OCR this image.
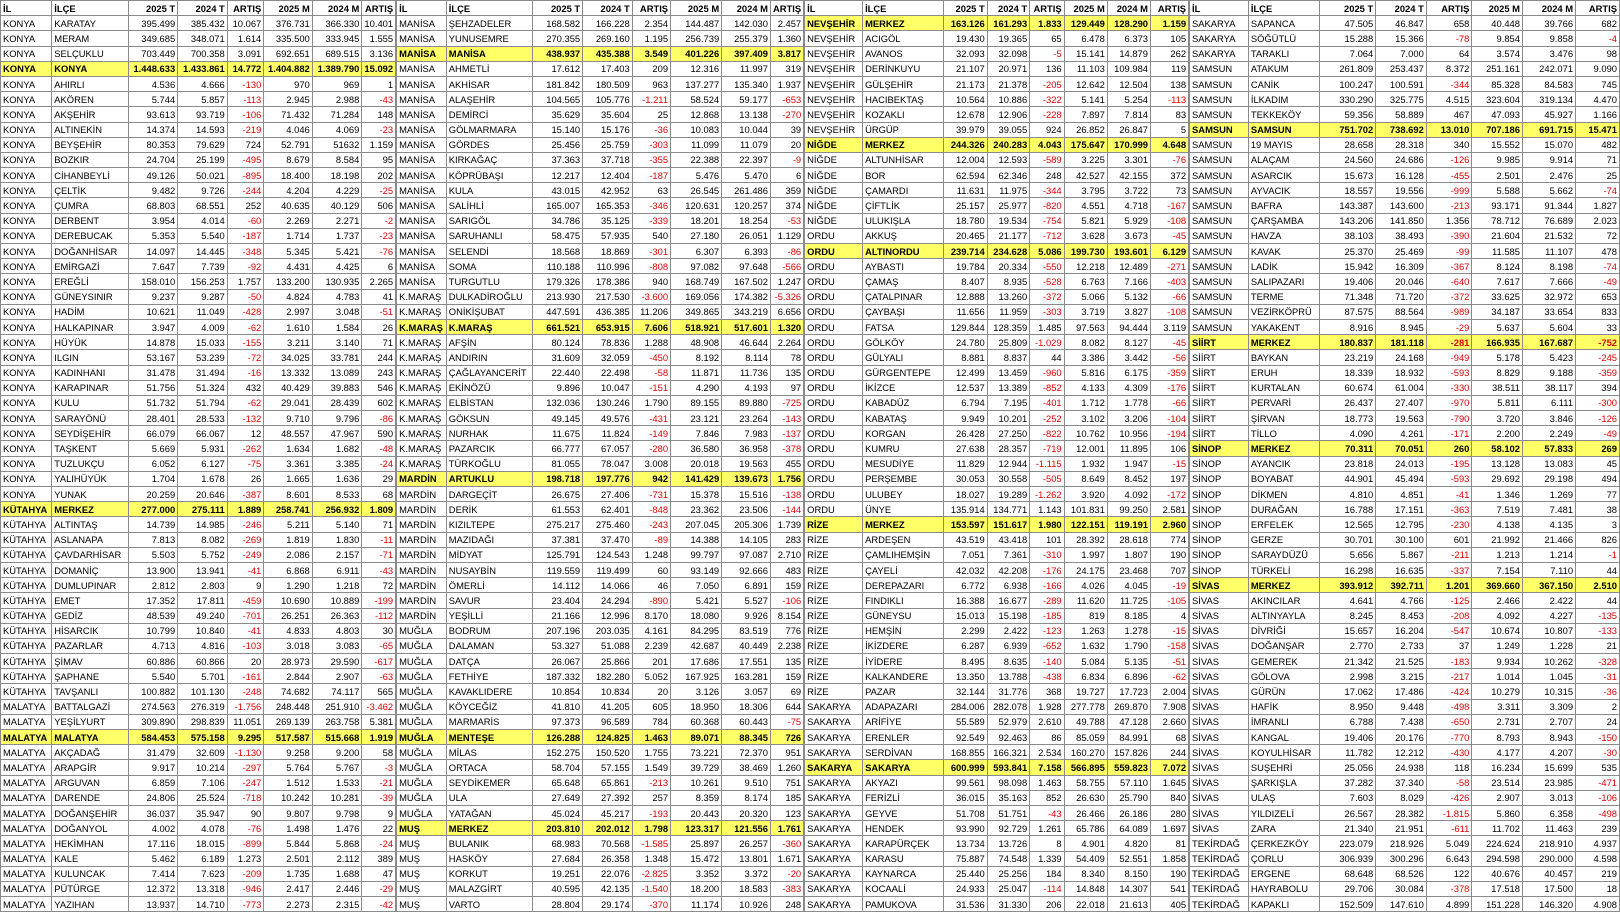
İL	İLÇE	2025 T	2024 T	ARTIŞ	2025 M	2024 M	ARTIŞ
KONYA	KARATAY	395.499	385.432	10.067	376.731	366.330	10.401
KONYA	MERAM	349.685	348.071	1.614	335.500	333.945	1.555
KONYA	SELÇUKLU	703.449	700.358	3.091	692.651	689.515	3.136
KONYA	KONYA	1.448.633	1.433.861	14.772	1.404.882	1.389.790	15.092
KONYA	AHIRLI	4.536	4.666	-130	970	969	1
KONYA	AKÖREN	5.744	5.857	-113	2.945	2.988	-43
KONYA	AKŞEHİR	93.613	93.719	-106	71.432	71.284	148
KONYA	ALTINEKİN	14.374	14.593	-219	4.046	4.069	-23
KONYA	BEYŞEHİR	80.353	79.629	724	52.791	51632	1.159
KONYA	BOZKIR	24.704	25.199	-495	8.679	8.584	95
KONYA	CİHANBEYLİ	49.126	50.021	-895	18.400	18.198	202
KONYA	ÇELTİK	9.482	9.726	-244	4.204	4.229	-25
KONYA	ÇUMRA	68.803	68.551	252	40.635	40.129	506
KONYA	DERBENT	3.954	4.014	-60	2.269	2.271	-2
KONYA	DEREBUCAK	5.353	5.540	-187	1.714	1.737	-23
KONYA	DOĞANHİSAR	14.097	14.445	-348	5.345	5.421	-76
KONYA	EMİRGAZİ	7.647	7.739	-92	4.431	4.425	6
KONYA	EREĞLİ	158.010	156.253	1.757	133.200	130.935	2.265
KONYA	GÜNEYSINIR	9.237	9.287	-50	4.824	4.783	41
KONYA	HADİM	10.621	11.049	-428	2.997	3.048	-51
KONYA	HALKAPINAR	3.947	4.009	-62	1.610	1.584	26
KONYA	HÜYÜK	14.878	15.033	-155	3.211	3.140	71
KONYA	ILGIN	53.167	53.239	-72	34.025	33.781	244
KONYA	KADINHANI	31.478	31.494	-16	13.332	13.089	243
KONYA	KARAPINAR	51.756	51.324	432	40.429	39.883	546
KONYA	KULU	51.732	51.794	-62	29.041	28.439	602
KONYA	SARAYÖNÜ	28.401	28.533	-132	9.710	9.796	-86
KONYA	SEYDİŞEHİR	66.079	66.067	12	48.557	47.967	590
KONYA	TAŞKENT	5.669	5.931	-262	1.634	1.682	-48
KONYA	TUZLUKÇU	6.052	6.127	-75	3.361	3.385	-24
KONYA	YALIHÜYÜK	1.704	1.678	26	1.665	1.636	29
KONYA	YUNAK	20.259	20.646	-387	8.601	8.533	68
KÜTAHYA	MERKEZ	277.000	275.111	1.889	258.741	256.932	1.809
KÜTAHYA	ALTINTAŞ	14.739	14.985	-246	5.211	5.140	71
KÜTAHYA	ASLANAPA	7.813	8.082	-269	1.819	1.830	-11
KÜTAHYA	ÇAVDARHİSAR	5.503	5.752	-249	2.086	2.157	-71
KÜTAHYA	DOMANİÇ	13.900	13.941	-41	6.868	6.911	-43
KÜTAHYA	DUMLUPINAR	2.812	2.803	9	1.290	1.218	72
KÜTAHYA	EMET	17.352	17.811	-459	10.690	10.889	-199
KÜTAHYA	GEDİZ	48.539	49.240	-701	26.251	26.363	-112
KÜTAHYA	HİSARCIK	10.799	10.840	-41	4.833	4.803	30
KÜTAHYA	PAZARLAR	4.713	4.816	-103	3.018	3.083	-65
KÜTAHYA	ŞİMAV	60.886	60.866	20	28.973	29.590	-617
KÜTAHYA	ŞAPHANE	5.540	5.701	-161	2.844	2.907	-63
KÜTAHYA	TAVŞANLI	100.882	101.130	-248	74.682	74.117	565
MALATYA	BATTALGAZİ	274.563	276.319	-1.756	248.448	251.910	-3.462
MALATYA	YEŞİLYURT	309.890	298.839	11.051	269.139	263.758	5.381
MALATYA	MALATYA	584.453	575.158	9.295	517.587	515.668	1.919
MALATYA	AKÇADAĞ	31.479	32.609	-1.130	9.258	9.200	58
MALATYA	ARAPGİR	9.917	10.214	-297	5.764	5.767	-3
MALATYA	ARGUVAN	6.859	7.106	-247	1.512	1.533	-21
MALATYA	DARENDE	24.806	25.524	-718	10.242	10.281	-39
MALATYA	DOĞANŞEHİR	36.037	35.947	90	9.807	9.798	9
MALATYA	DOĞANYOL	4.002	4.078	-76	1.498	1.476	22
MALATYA	HEKİMHAN	17.116	18.015	-899	5.844	5.868	-24
MALATYA	KALE	5.462	6.189	1.273	2.501	2.112	389
MALATYA	KULUNCAK	7.414	7.623	-209	1.735	1.688	47
MALATYA	PÜTÜRGE	12.372	13.318	-946	2.417	2.446	-29
MALATYA	YAZIHAN	13.937	14.710	-773	2.273	2.315	-42
İL	İLÇE	2025 T	2024 T	ARTIŞ	2025 M	2024 M	ARTIŞ
MANİSA	ŞEHZADELER	168.582	166.228	2.354	144.487	142.030	2.457
MANİSA	YUNUSEMRE	270.355	269.160	1.195	256.739	255.379	1.360
MANİSA	MANİSA	438.937	435.388	3.549	401.226	397.409	3.817
MANİSA	AHMETLİ	17.612	17.403	209	12.316	11.997	319
MANİSA	AKHİSAR	181.842	180.509	963	137.277	135.340	1.937
MANİSA	ALAŞEHİR	104.565	105.776	-1.211	58.524	59.177	-653
MANİSA	DEMİRCİ	35.629	35.604	25	12.868	13.138	-270
MANİSA	GÖLMARMARA	15.140	15.176	-36	10.083	10.044	39
MANİSA	GÖRDES	25.456	25.759	-303	11.099	11.079	20
MANİSA	KIRKAĞAÇ	37.363	37.718	-355	22.388	22.397	-9
MANİSA	KÖPRÜBAŞI	12.217	12.404	-187	5.476	5.470	6
MANİSA	KULA	43.015	42.952	63	26.545	261.486	359
MANİSA	SALİHLİ	165.007	165.353	-346	120.631	120.257	374
MANİSA	SARIGÖL	34.786	35.125	-339	18.201	18.254	-53
MANİSA	SARUHANLI	58.475	57.935	540	27.180	26.051	1.129
MANİSA	SELENDİ	18.568	18.869	-301	6.307	6.393	-86
MANİSA	SOMA	110.188	110.996	-808	97.082	97.648	-566
MANİSA	TURGUTLU	179.326	178.386	940	168.749	167.502	1.247
K.MARAŞ	DULKADİROĞLU	213.930	217.530	-3.600	169.056	174.382	-5.326
K.MARAŞ	ONİKİŞUBAT	447.591	436.385	11.206	349.865	343.219	6.656
K.MARAŞ	K.MARAŞ	661.521	653.915	7.606	518.921	517.601	1.320
K.MARAŞ	AFŞİN	80.124	78.836	1.288	48.908	46.644	2.264
K.MARAŞ	ANDIRIN	31.609	32.059	-450	8.192	8.114	78
K.MARAŞ	ÇAĞLAYANCERİT	22.440	22.498	-58	11.871	11.736	135
K.MARAŞ	EKİNÖZÜ	9.896	10.047	-151	4.290	4.193	97
K.MARAŞ	ELBİSTAN	132.036	130.246	1.790	89.155	89.880	-725
K.MARAŞ	GÖKSUN	49.145	49.576	-431	23.121	23.264	-143
K.MARAŞ	NURHAK	11.675	11.824	-149	7.846	7.983	-137
K.MARAŞ	PAZARCIK	66.777	67.057	-280	36.580	36.958	-378
K.MARAŞ	TÜRKOĞLU	81.055	78.047	3.008	20.018	19.563	455
MARDİN	ARTUKLU	198.718	197.776	942	141.429	139.673	1.756
MARDİN	DARGEÇİT	26.675	27.406	-731	15.378	15.516	-138
MARDİN	DERİK	61.553	62.401	-848	23.362	23.506	-144
MARDİN	KIZILTEPE	275.217	275.460	-243	207.045	205.306	1.739
MARDİN	MAZIDAĞI	37.381	37.470	-89	14.388	14.105	283
MARDİN	MİDYAT	125.791	124.543	1.248	99.797	97.087	2.710
MARDİN	NUSAYBİN	119.559	119.499	60	93.149	92.666	483
MARDİN	ÖMERLİ	14.112	14.066	46	7.050	6.891	159
MARDİN	SAVUR	23.404	24.294	-890	5.421	5.527	-106
MARDİN	YEŞİLLİ	21.166	12.996	8.170	18.080	9.926	8.154
MUĞLA	BODRUM	207.196	203.035	4.161	84.295	83.519	776
MUĞLA	DALAMAN	53.327	51.088	2.239	42.687	40.449	2.238
MUĞLA	DATÇA	26.067	25.866	201	17.686	17.551	135
MUĞLA	FETHİYE	187.332	182.280	5.052	167.925	163.281	159
MUĞLA	KAVAKLIDERE	10.854	10.834	20	3.126	3.057	69
MUĞLA	KÖYCEĞİZ	41.810	41.205	605	18.950	18.306	644
MUĞLA	MARMARİS	97.373	96.589	784	60.368	60.443	-75
MUĞLA	MENTEŞE	126.288	124.825	1.463	89.071	88.345	726
MUĞLA	MİLAS	152.275	150.520	1.755	73.221	72.370	951
MUĞLA	ORTACA	58.704	57.155	1.549	39.729	38.469	1.260
MUĞLA	SEYDİKEMER	65.648	65.861	-213	10.261	9.510	751
MUĞLA	ULA	27.649	27.392	257	8.359	8.174	185
MUĞLA	YATAĞAN	45.024	45.217	-193	20.443	20.320	123
MUŞ	MERKEZ	203.810	202.012	1.798	123.317	121.556	1.761
MUŞ	BULANIK	68.983	70.568	-1.585	25.897	26.257	-360
MUŞ	HASKÖY	27.684	26.358	1.348	15.472	13.801	1.671
MUŞ	KORKUT	19.251	22.076	-2.825	3.352	3.372	-20
MUŞ	MALAZGİRT	40.595	42.135	-1.540	18.200	18.583	-383
MUŞ	VARTO	28.804	29.174	-370	11.174	10.926	248
İL	İLÇE	2025 T	2024 T	ARTIŞ	2025 M	2024 M	ARTIŞ
NEVŞEHİR	MERKEZ	163.126	161.293	1.833	129.449	128.290	1.159
NEVŞEHİR	ACIGÖL	19.430	19.365	65	6.478	6.373	105
NEVŞEHİR	AVANOS	32.093	32.098	-5	15.141	14.879	262
NEVŞEHİR	DERİNKUYU	21.107	20.971	136	11.103	109.984	119
NEVŞEHİR	GÜLŞEHİR	21.173	21.378	-205	12.642	12.504	138
NEVŞEHİR	HACIBEKTAŞ	10.564	10.886	-322	5.141	5.254	-113
NEVŞEHİR	KOZAKLI	12.678	12.906	-228	7.897	7.814	83
NEVŞEHİR	ÜRGÜP	39.979	39.055	924	26.852	26.847	5
NİĞDE	MERKEZ	244.326	240.283	4.043	175.647	170.999	4.648
NİĞDE	ALTUNHİSAR	12.004	12.593	-589	3.225	3.301	-76
NİĞDE	BOR	62.594	62.346	248	42.527	42.155	372
NİĞDE	ÇAMARDI	11.631	11.975	-344	3.795	3.722	73
NİĞDE	ÇİFTLİK	25.157	25.977	-820	4.551	4.718	-167
NİĞDE	ULUKIŞLA	18.780	19.534	-754	5.821	5.929	-108
ORDU	AKKUŞ	20.465	21.177	-712	3.628	3.673	-45
ORDU	ALTINORDU	239.714	234.628	5.086	199.730	193.601	6.129
ORDU	AYBASTI	19.784	20.334	-550	12.218	12.489	-271
ORDU	ÇAMAŞ	8.407	8.935	-528	6.763	7.166	-403
ORDU	ÇATALPINAR	12.888	13.260	-372	5.066	5.132	-66
ORDU	ÇAYBAŞI	11.656	11.959	-303	3.719	3.827	-108
ORDU	FATSA	129.844	128.359	1.485	97.563	94.444	3.119
ORDU	GÖLKÖY	24.780	25.809	-1.029	8.082	8.127	-45
ORDU	GÜLYALI	8.881	8.837	44	3.386	3.442	-56
ORDU	GÜRGENTEPE	12.499	13.459	-960	5.816	6.175	-359
ORDU	İKİZCE	12.537	13.389	-852	4.133	4.309	-176
ORDU	KABADÜZ	6.794	7.195	-401	1.712	1.778	-66
ORDU	KABATAŞ	9.949	10.201	-252	3.102	3.206	-104
ORDU	KORGAN	26.428	27.250	-822	10.762	10.956	-194
ORDU	KUMRU	27.638	28.357	-719	12.001	11.895	106
ORDU	MESUDİYE	11.829	12.944	-1.115	1.932	1.947	-15
ORDU	PERŞEMBE	30.053	30.558	-505	8.649	8.452	197
ORDU	ULUBEY	18.027	19.289	-1.262	3.920	4.092	-172
ORDU	ÜNYE	135.914	134.771	1.143	101.831	99.250	2.581
RİZE	MERKEZ	153.597	151.617	1.980	122.151	119.191	2.960
RİZE	ARDEŞEN	43.519	43.418	101	28.392	28.618	774
RİZE	ÇAMLIHEMŞİN	7.051	7.361	-310	1.997	1.807	190
RİZE	ÇAYELİ	42.032	42.208	-176	24.175	23.468	707
RİZE	DEREPAZARI	6.772	6.938	-166	4.026	4.045	-19
RİZE	FINDIKLI	16.388	16.677	-289	11.620	11.725	-105
RİZE	GÜNEYSU	15.013	15.198	-185	819	8.185	4
RİZE	HEMŞİN	2.299	2.422	-123	1.263	1.278	-15
RİZE	İKİZDERE	6.287	6.939	-652	1.632	1.790	-158
RİZE	İYİDERE	8.495	8.635	-140	5.084	5.135	-51
RİZE	KALKANDERE	13.350	13.788	-438	6.834	6.896	-62
RİZE	PAZAR	32.144	31.776	368	19.727	17.723	2.004
SAKARYA	ADAPAZARI	284.006	282.078	1.928	277.778	269.870	7.908
SAKARYA	ARİFİYE	55.589	52.979	2.610	49.788	47.128	2.660
SAKARYA	ERENLER	92.549	92.463	86	85.059	84.991	68
SAKARYA	SERDİVAN	168.855	166.321	2.534	160.270	157.826	244
SAKARYA	SAKARYA	600.999	593.841	7.158	566.895	559.823	7.072
SAKARYA	AKYAZI	99.561	98.098	1.463	58.755	57.110	1.645
SAKARYA	FERİZLİ	36.015	35.163	852	26.630	25.790	840
SAKARYA	GEYVE	51.708	51.751	-43	26.466	26.186	280
SAKARYA	HENDEK	93.990	92.729	1.261	65.786	64.089	1.697
SAKARYA	KARAPÜRÇEK	13.734	13.726	8	4.901	4.820	81
SAKARYA	KARASU	75.887	74.548	1.339	54.409	52.551	1.858
SAKARYA	KAYNARCA	25.440	25.256	184	8.340	8.150	190
SAKARYA	KOCAALİ	24.933	25.047	-114	14.848	14.307	541
SAKARYA	PAMUKOVA	31.536	31.330	206	22.018	21.613	405
İL	İLÇE	2025 T	2024 T	ARTIŞ	2025 M	2024 M	ARTIŞ
SAKARYA	SAPANCA	47.505	46.847	658	40.448	39.766	682
SAKARYA	SÖĞÜTLÜ	15.288	15.366	-78	9.854	9.858	-4
SAKARYA	TARAKLI	7.064	7.000	64	3.574	3.476	98
SAMSUN	ATAKUM	261.809	253.437	8.372	251.161	242.071	9.090
SAMSUN	CANİK	100.247	100.591	-344	85.328	84.583	745
SAMSUN	İLKADIM	330.290	325.775	4.515	323.604	319.134	4.470
SAMSUN	TEKKEKÖY	59.356	58.889	467	47.093	45.927	1.166
SAMSUN	SAMSUN	751.702	738.692	13.010	707.186	691.715	15.471
SAMSUN	19 MAYIS	28.658	28.318	340	15.552	15.070	482
SAMSUN	ALAÇAM	24.560	24.686	-126	9.985	9.914	71
SAMSUN	ASARCIK	15.673	16.128	-455	2.501	2.476	25
SAMSUN	AYVACIK	18.557	19.556	-999	5.588	5.662	-74
SAMSUN	BAFRA	143.387	143.600	-213	93.171	91.344	1.827
SAMSUN	ÇARŞAMBA	143.206	141.850	1.356	78.712	76.689	2.023
SAMSUN	HAVZA	38.103	38.493	-390	21.604	21.532	72
SAMSUN	KAVAK	25.370	25.469	-99	11.585	11.107	478
SAMSUN	LADİK	15.942	16.309	-367	8.124	8.198	-74
SAMSUN	SALIPAZARI	19.406	20.046	-640	7.617	7.666	-49
SAMSUN	TERME	71.348	71.720	-372	33.625	32.972	653
SAMSUN	VEZİRKÖPRÜ	87.575	88.564	-989	34.187	33.654	833
SAMSUN	YAKAKENT	8.916	8.945	-29	5.637	5.604	33
SİİRT	MERKEZ	180.837	181.118	-281	166.935	167.687	-752
SİİRT	BAYKAN	23.219	24.168	-949	5.178	5.423	-245
SİİRT	ERUH	18.339	18.932	-593	8.829	9.188	-359
SİİRT	KURTALAN	60.674	61.004	-330	38.511	38.117	394
SİİRT	PERVARİ	26.437	27.407	-970	5.811	6.111	-300
SİİRT	ŞİRVAN	18.773	19.563	-790	3.720	3.846	-126
SİİRT	TİLLO	4.090	4.261	-171	2.200	2.249	-49
SİNOP	MERKEZ	70.311	70.051	260	58.102	57.833	269
SİNOP	AYANCIK	23.818	24.013	-195	13.128	13.083	45
SİNOP	BOYABAT	44.901	45.494	-593	29.692	29.198	494
SİNOP	DİKMEN	4.810	4.851	-41	1.346	1.269	77
SİNOP	DURAĞAN	16.788	17.151	-363	7.519	7.481	38
SİNOP	ERFELEK	12.565	12.795	-230	4.138	4.135	3
SİNOP	GERZE	30.701	30.100	601	21.992	21.466	826
SİNOP	SARAYDÜZÜ	5.656	5.867	-211	1.213	1.214	-1
SİNOP	TÜRKELİ	16.298	16.635	-337	7.154	7.110	44
SİVAS	MERKEZ	393.912	392.711	1.201	369.660	367.150	2.510
SİVAS	AKINCILAR	4.641	4.766	-125	2.466	2.422	44
SİVAS	ALTINYAYLA	8.245	8.453	-208	4.092	4.227	-135
SİVAS	DİVRİĞİ	15.657	16.204	-547	10.674	10.807	-133
SİVAS	DOĞANŞAR	2.770	2.733	37	1.249	1.228	21
SİVAS	GEMEREK	21.342	21.525	-183	9.934	10.262	-328
SİVAS	GÖLOVA	2.998	3.215	-217	1.014	1.045	-31
SİVAS	GÜRÜN	17.062	17.486	-424	10.279	10.315	-36
SİVAS	HAFİK	8.950	9.448	-498	3.311	3.309	2
SİVAS	İMRANLI	6.788	7.438	-650	2.731	2.707	24
SİVAS	KANGAL	19.406	20.176	-770	8.793	8.943	-150
SİVAS	KOYULHİSAR	11.782	12.212	-430	4.177	4.207	-30
SİVAS	SUŞEHRİ	25.056	24.938	118	16.234	15.699	535
SİVAS	ŞARKIŞLA	37.282	37.340	-58	23.514	23.985	-471
SİVAS	ULAŞ	7.603	8.029	-426	2.907	3.013	-106
SİVAS	YILDIZELİ	26.567	28.382	-1.815	5.860	6.358	-498
SİVAS	ZARA	21.340	21.951	-611	11.702	11.463	239
TEKİRDAĞ	ÇERKEZKÖY	223.079	218.926	5.049	224.624	218.910	4.937
TEKİRDAĞ	ÇORLU	306.939	300.296	6.643	294.598	290.000	4.598
TEKİRDAĞ	ERGENE	68.648	68.526	122	40.676	40.457	219
TEKİRDAĞ	HAYRABOLU	29.706	30.084	-378	17.518	17.500	18
TEKİRDAĞ	KAPAKLI	152.509	147.610	4.899	151.228	146.320	4.908
